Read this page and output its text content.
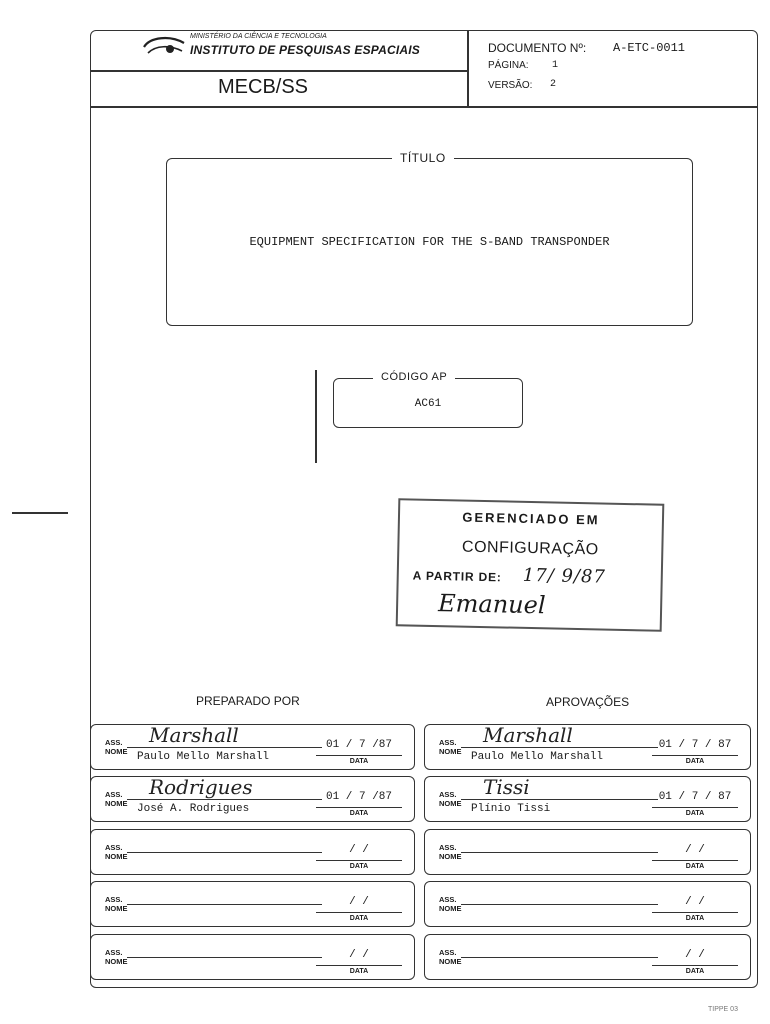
MINISTÉRIO DA CIÊNCIA E TECNOLOGIA
INSTITUTO DE PESQUISAS ESPACIAIS
MECB/SS
DOCUMENTO Nº: A-ETC-0011
PÁGINA: 1
VERSÃO: 2
TÍTULO
EQUIPMENT SPECIFICATION FOR THE S-BAND TRANSPONDER
CÓDIGO AP
AC61
GERENCIADO EM
CONFIGURAÇÃO
A PARTIR DE: 17/ 9/87
Emanuel
PREPARADO POR	APROVAÇÕES
ASS.
NOME
Marshall
Paulo Mello Marshall
01 / 7 /87
DATA
ASS.
NOME
Rodrigues
José A. Rodrigues
01 / 7 /87
DATA
ASS.
NOME
/ /
DATA
ASS.
NOME
/ /
DATA
ASS.
NOME
/ /
DATA
ASS.
NOME
Marshall
Paulo Mello Marshall
01 / 7 / 87
DATA
ASS.
NOME
Tissi
Plínio Tissi
01 / 7 / 87
DATA
ASS.
NOME
/ /
DATA
ASS.
NOME
/ /
DATA
ASS.
NOME
/ /
DATA
TIPPE 03
